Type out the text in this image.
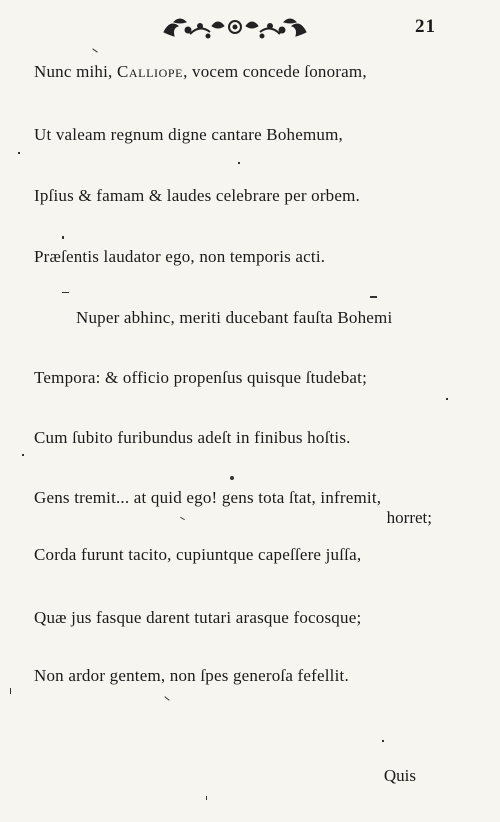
21
Nunc mihi, Calliope, vocem concede ſonoram,
Ut valeam regnum digne cantare Bohemum,
Ipſius & famam & laudes celebrare per orbem.
Præſentis laudator ego, non temporis acti.
Nuper abhinc, meriti ducebant fauſta Bohemi
Tempora: & officio propenſus quisque ſtudebat;
Cum ſubito furibundus adeſt in finibus hoſtis.
Gens tremit... at quid ego! gens tota ſtat, infremit,
horret;
Corda furunt tacito, cupiuntque capeſſere juſſa,
Quæ jus fasque darent tutari arasque focosque;
Non ardor gentem, non ſpes generoſa fefellit.
Quis
